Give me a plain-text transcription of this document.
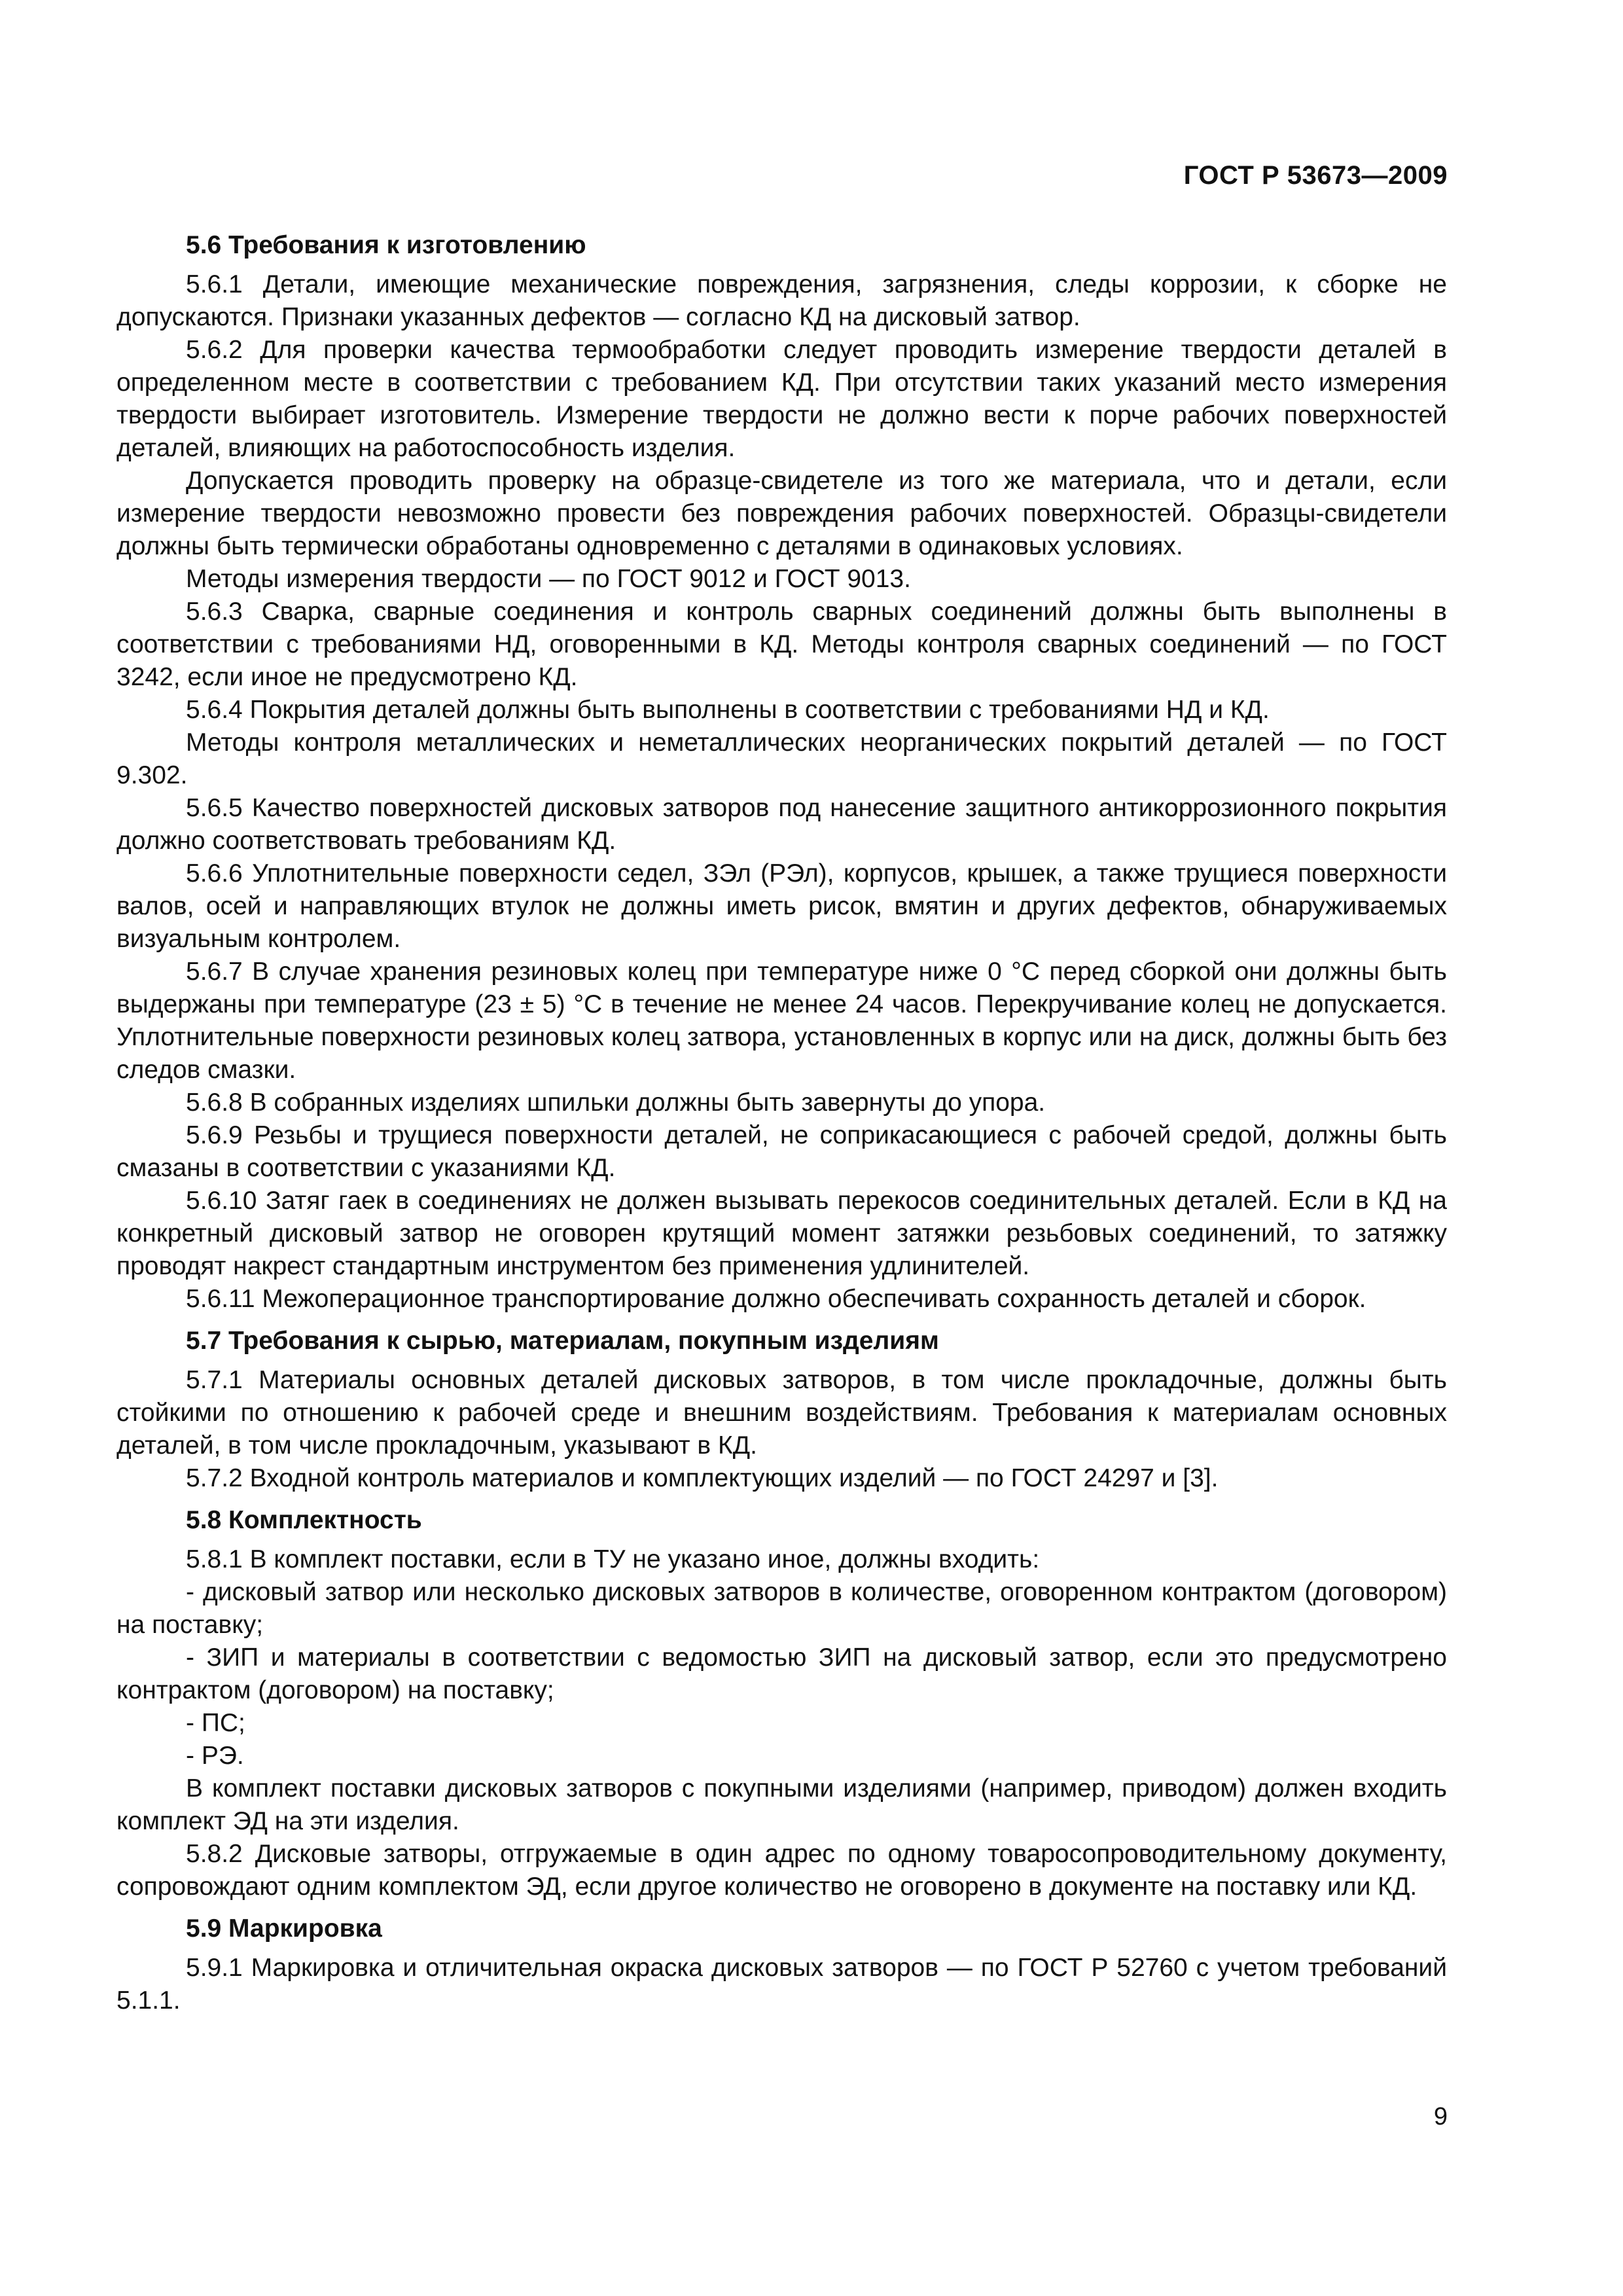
ГОСТ Р 53673—2009
5.6 Требования к изготовлению

5.6.1 Детали, имеющие механические повреждения, загрязнения, следы коррозии, к сборке не допускаются. Признаки указанных дефектов — согласно КД на дисковый затвор.

5.6.2 Для проверки качества термообработки следует проводить измерение твердости деталей в определенном месте в соответствии с требованием КД. При отсутствии таких указаний место измерения твердости выбирает изготовитель. Измерение твердости не должно вести к порче рабочих поверхностей деталей, влияющих на работоспособность изделия.

Допускается проводить проверку на образце-свидетеле из того же материала, что и детали, если измерение твердости невозможно провести без повреждения рабочих поверхностей. Образцы-свидетели должны быть термически обработаны одновременно с деталями в одинаковых условиях.

Методы измерения твердости — по ГОСТ 9012 и ГОСТ 9013.

5.6.3 Сварка, сварные соединения и контроль сварных соединений должны быть выполнены в соответствии с требованиями НД, оговоренными в КД. Методы контроля сварных соединений — по ГОСТ 3242, если иное не предусмотрено КД.

5.6.4 Покрытия деталей должны быть выполнены в соответствии с требованиями НД и КД.

Методы контроля металлических и неметаллических неорганических покрытий деталей — по ГОСТ 9.302.

5.6.5 Качество поверхностей дисковых затворов под нанесение защитного антикоррозионного покрытия должно соответствовать требованиям КД.

5.6.6 Уплотнительные поверхности седел, ЗЭл (РЭл), корпусов, крышек, а также трущиеся поверхности валов, осей и направляющих втулок не должны иметь рисок, вмятин и других дефектов, обнаруживаемых визуальным контролем.

5.6.7 В случае хранения резиновых колец при температуре ниже 0 °С перед сборкой они должны быть выдержаны при температуре (23 ± 5) °С в течение не менее 24 часов. Перекручивание колец не допускается. Уплотнительные поверхности резиновых колец затвора, установленных в корпус или на диск, должны быть без следов смазки.

5.6.8 В собранных изделиях шпильки должны быть завернуты до упора.

5.6.9 Резьбы и трущиеся поверхности деталей, не соприкасающиеся с рабочей средой, должны быть смазаны в соответствии с указаниями КД.

5.6.10 Затяг гаек в соединениях не должен вызывать перекосов соединительных деталей. Если в КД на конкретный дисковый затвор не оговорен крутящий момент затяжки резьбовых соединений, то затяжку проводят накрест стандартным инструментом без применения удлинителей.

5.6.11 Межоперационное транспортирование должно обеспечивать сохранность деталей и сборок.

5.7 Требования к сырью, материалам, покупным изделиям

5.7.1 Материалы основных деталей дисковых затворов, в том числе прокладочные, должны быть стойкими по отношению к рабочей среде и внешним воздействиям. Требования к материалам основных деталей, в том числе прокладочным, указывают в КД.

5.7.2 Входной контроль материалов и комплектующих изделий — по ГОСТ 24297 и [3].

5.8 Комплектность

5.8.1 В комплект поставки, если в ТУ не указано иное, должны входить:

- дисковый затвор или несколько дисковых затворов в количестве, оговоренном контрактом (договором) на поставку;

- ЗИП и материалы в соответствии с ведомостью ЗИП на дисковый затвор, если это предусмотрено контрактом (договором) на поставку;

- ПС;

- РЭ.

В комплект поставки дисковых затворов с покупными изделиями (например, приводом) должен входить комплект ЭД на эти изделия.

5.8.2 Дисковые затворы, отгружаемые в один адрес по одному товаросопроводительному документу, сопровождают одним комплектом ЭД, если другое количество не оговорено в документе на поставку или КД.

5.9 Маркировка

5.9.1 Маркировка и отличительная окраска дисковых затворов — по ГОСТ Р 52760 с учетом требований 5.1.1.

9
